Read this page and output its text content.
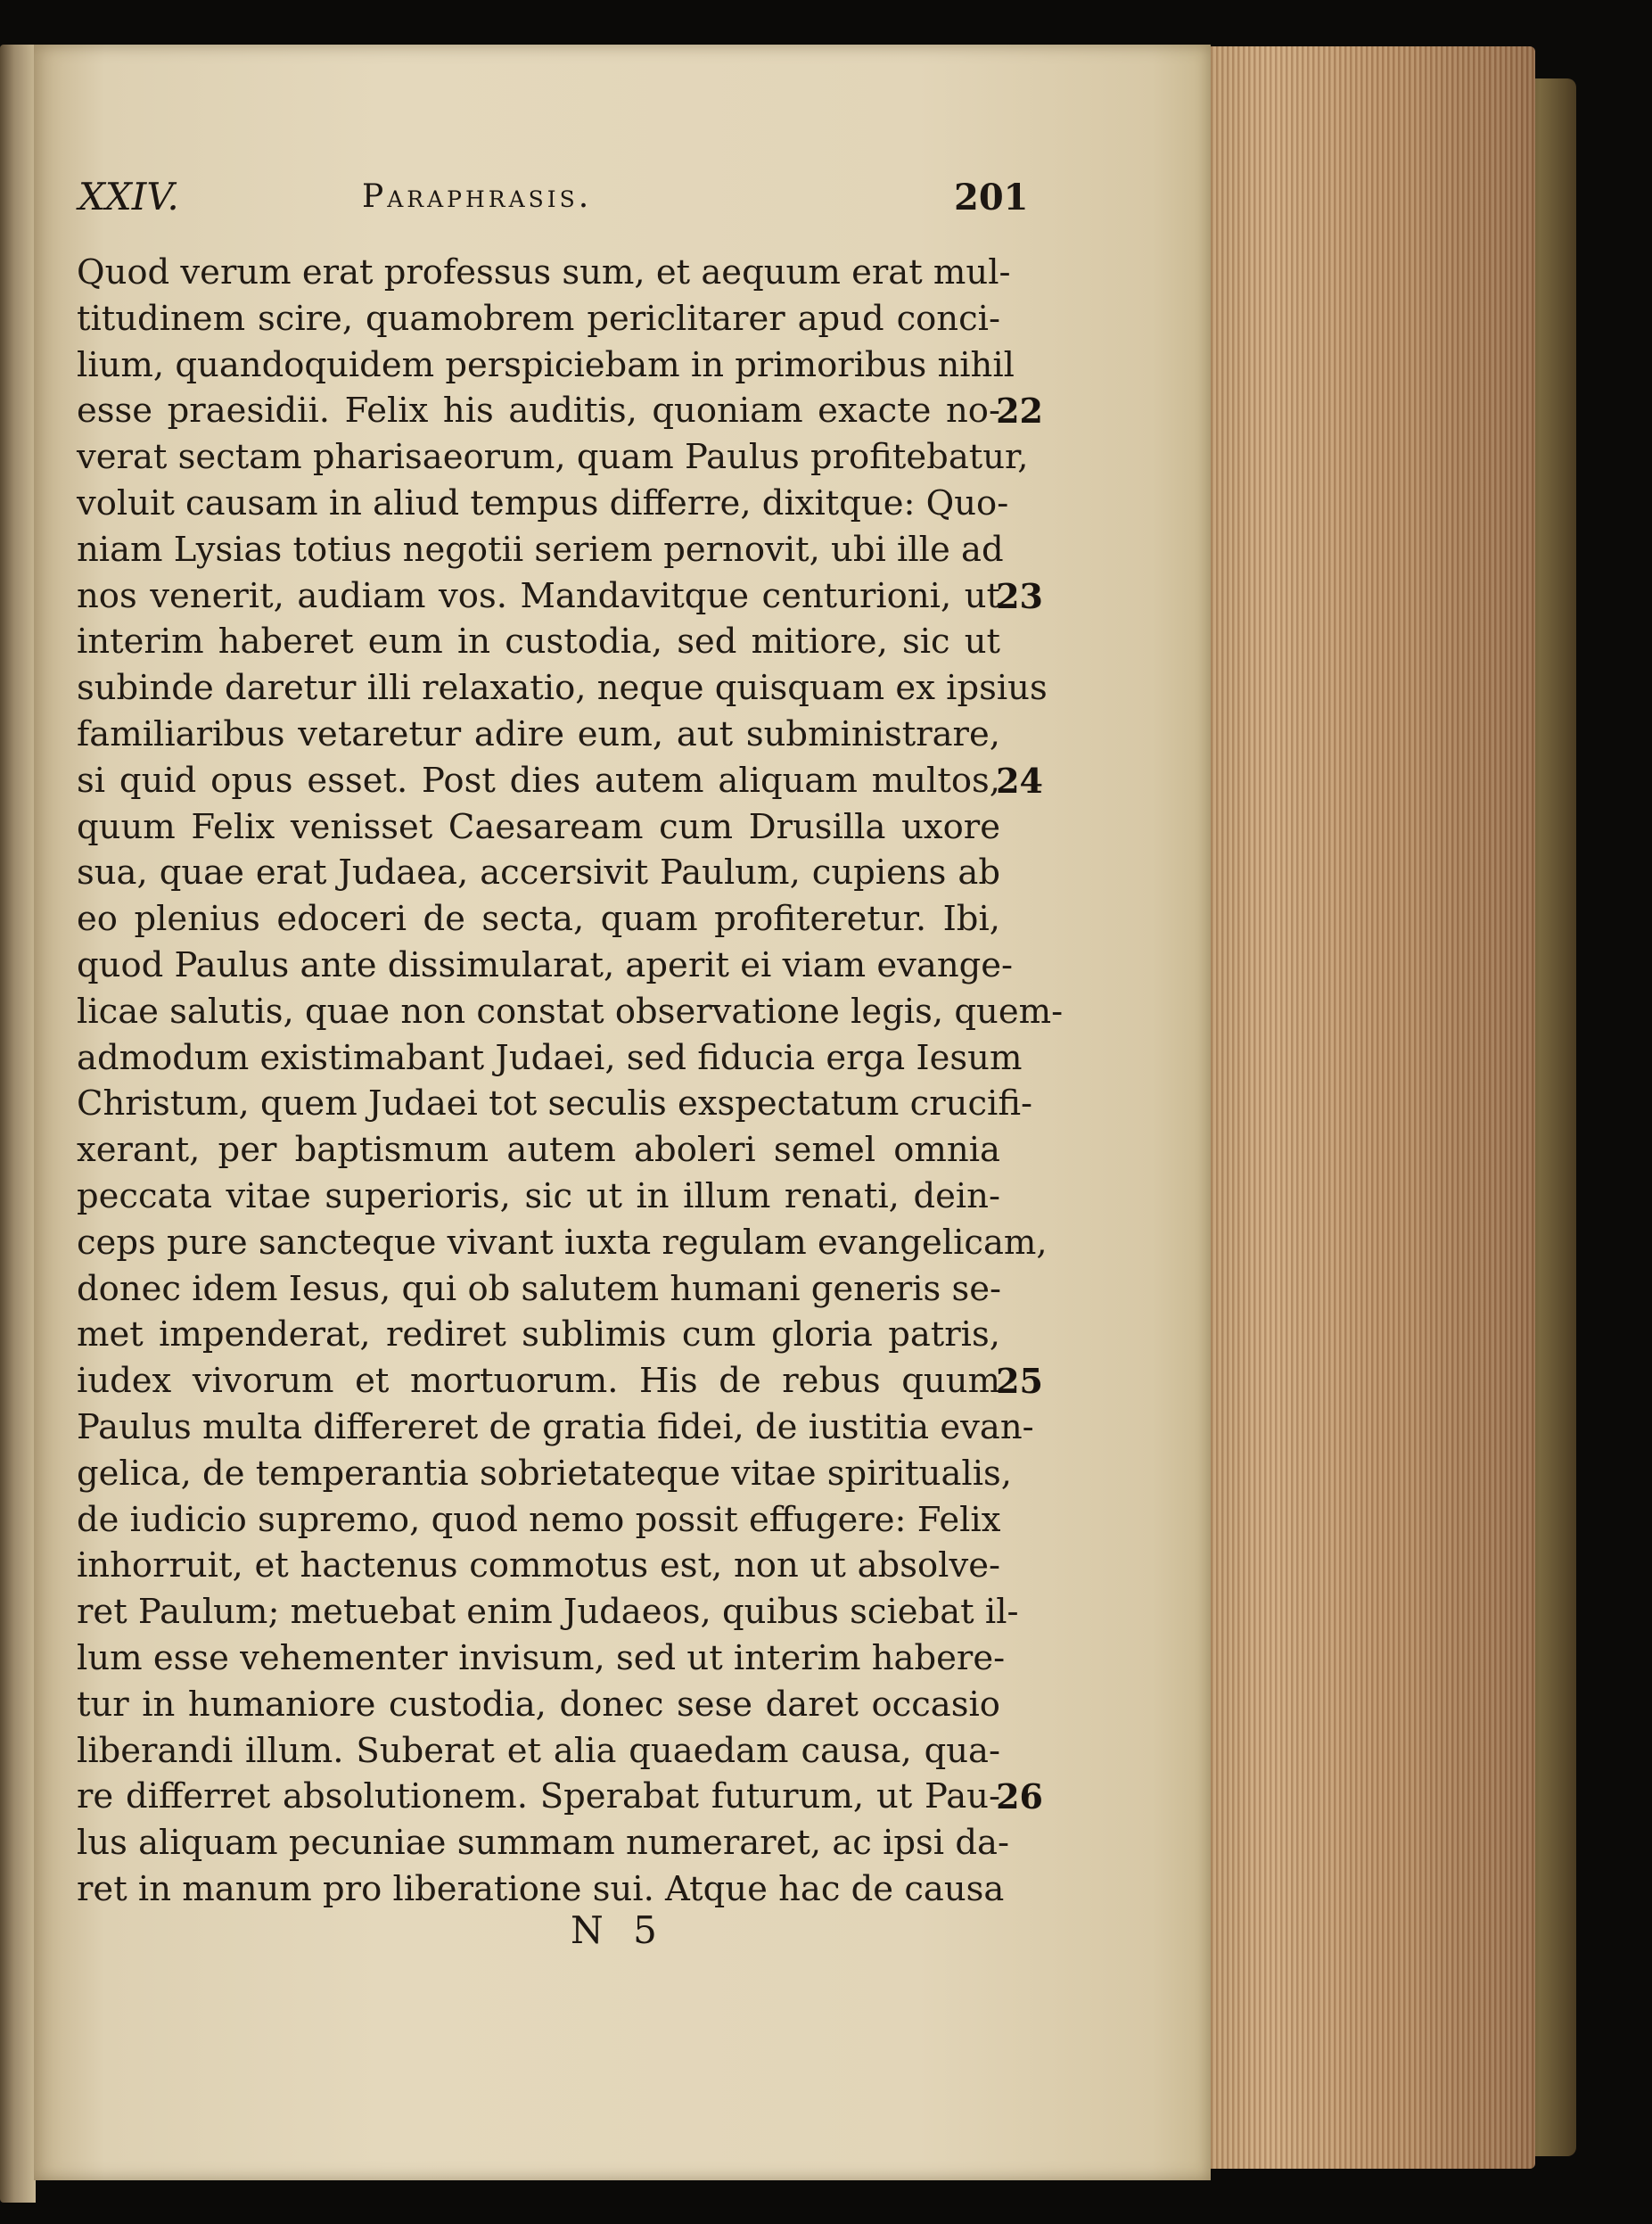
XXIV.	Paraphrasis.	201
Quod verum erat professus sum, et aequum erat mul-
titudinem scire, quamobrem periclitarer apud conci-
lium, quandoquidem perspiciebam in primoribus nihil
esse praesidii. Felix his auditis, quoniam exacte no-
22
verat sectam pharisaeorum, quam Paulus profitebatur,
voluit causam in aliud tempus differre, dixitque: Quo-
niam Lysias totius negotii seriem pernovit, ubi ille ad
nos venerit, audiam vos. Mandavitque centurioni, ut
23
interim haberet eum in custodia, sed mitiore, sic ut
subinde daretur illi relaxatio, neque quisquam ex ipsius
familiaribus vetaretur adire eum, aut subministrare,
si quid opus esset. Post dies autem aliquam multos,
24
quum Felix venisset Caesaream cum Drusilla uxore
sua, quae erat Judaea, accersivit Paulum, cupiens ab
eo plenius edoceri de secta, quam profiteretur. Ibi,
quod Paulus ante dissimularat, aperit ei viam evange-
licae salutis, quae non constat observatione legis, quem-
admodum existimabant Judaei, sed fiducia erga Iesum
Christum, quem Judaei tot seculis exspectatum crucifi-
xerant, per baptismum autem aboleri semel omnia
peccata vitae superioris, sic ut in illum renati, dein-
ceps pure sancteque vivant iuxta regulam evangelicam,
donec idem Iesus, qui ob salutem humani generis se-
met impenderat, rediret sublimis cum gloria patris,
iudex vivorum et mortuorum. His de rebus quum
25
Paulus multa differeret de gratia fidei, de iustitia evan-
gelica, de temperantia sobrietateque vitae spiritualis,
de iudicio supremo, quod nemo possit effugere: Felix
inhorruit, et hactenus commotus est, non ut absolve-
ret Paulum; metuebat enim Judaeos, quibus sciebat il-
lum esse vehementer invisum, sed ut interim habere-
tur in humaniore custodia, donec sese daret occasio
liberandi illum. Suberat et alia quaedam causa, qua-
re differret absolutionem. Sperabat futurum, ut Pau-
26
lus aliquam pecuniae summam numeraret, ac ipsi da-
ret in manum pro liberatione sui. Atque hac de causa
N 5
